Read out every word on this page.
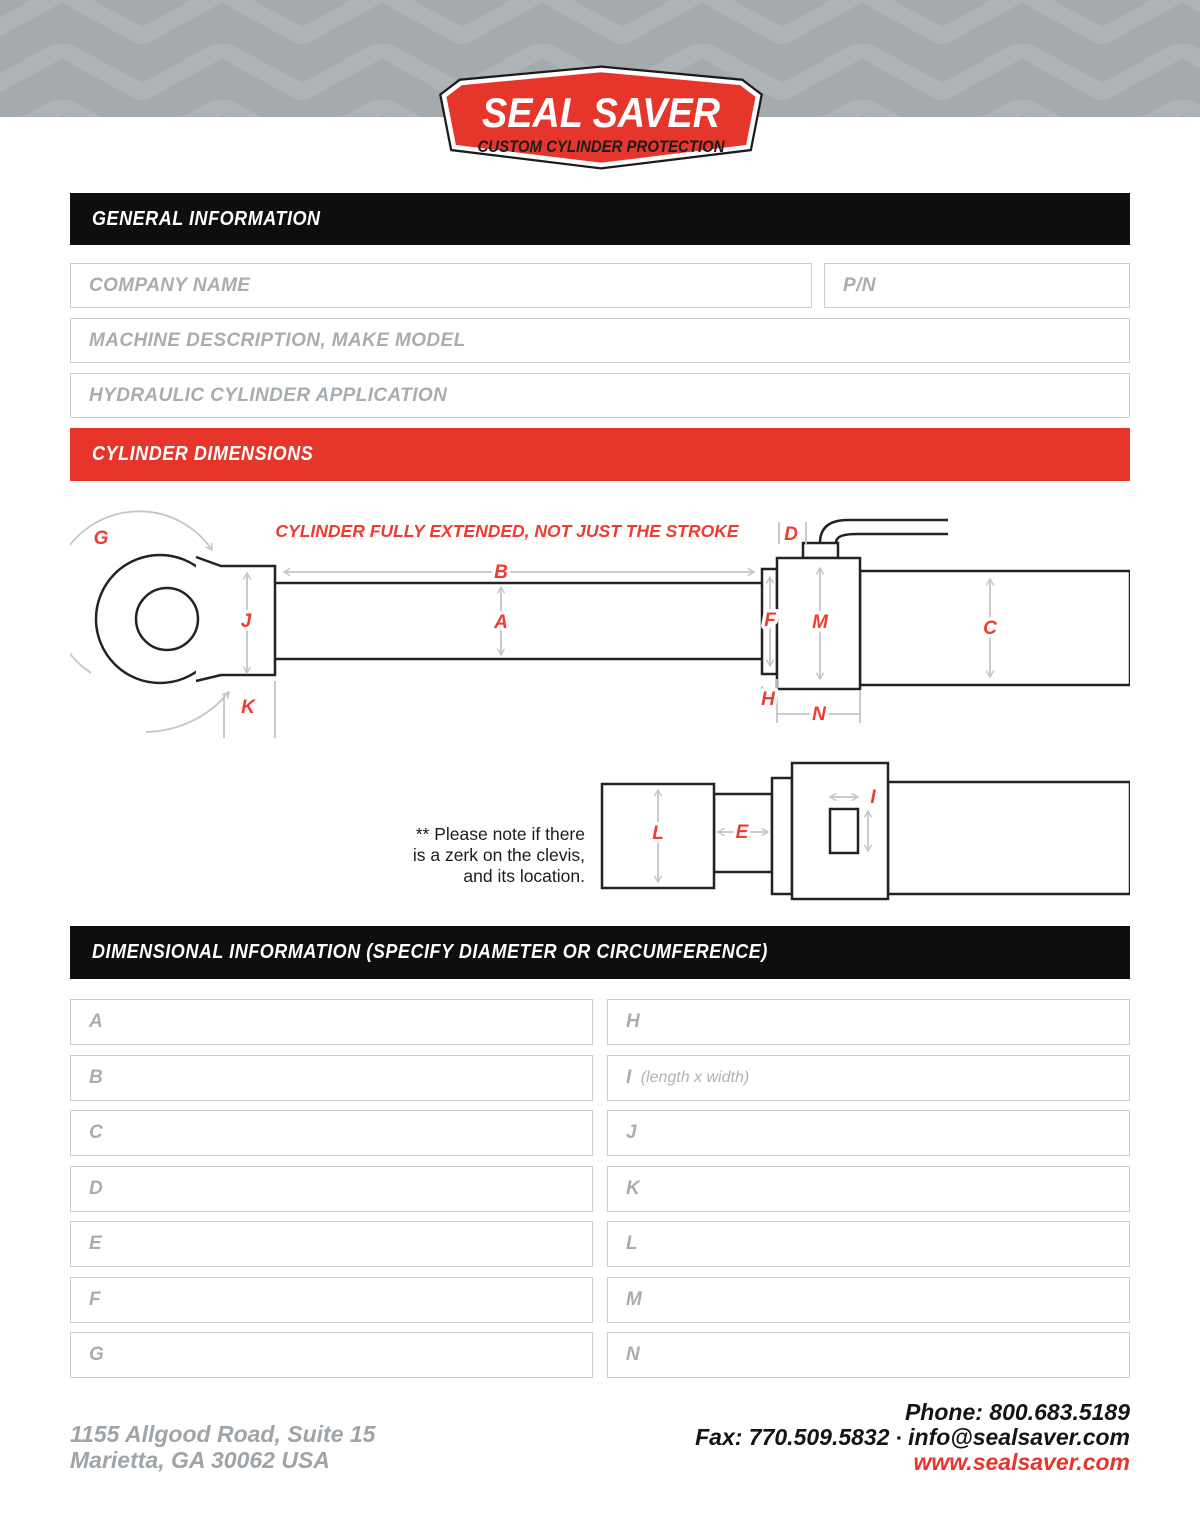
SEAL SAVER
CUSTOM CYLINDER PROTECTION
GENERAL INFORMATION
COMPANY NAME
P/N
MACHINE DESCRIPTION, MAKE MODEL
HYDRAULIC CYLINDER APPLICATION
CYLINDER DIMENSIONS
CYLINDER FULLY EXTENDED, NOT JUST THE STROKE
G
B
A
J
K
D
F M	C
H
N
L	E
I
** Please note if there
is a zerk on the clevis,
and its location.
DIMENSIONAL INFORMATION (SPECIFY DIAMETER OR CIRCUMFERENCE)
A	H
B	I (length x width)
C	J
D	K
E	L
F	M
G	N
1155 Allgood Road, Suite 15
Marietta, GA 30062 USA
Phone: 800.683.5189
Fax: 770.509.5832 ▪ info@sealsaver.com
www.sealsaver.com
